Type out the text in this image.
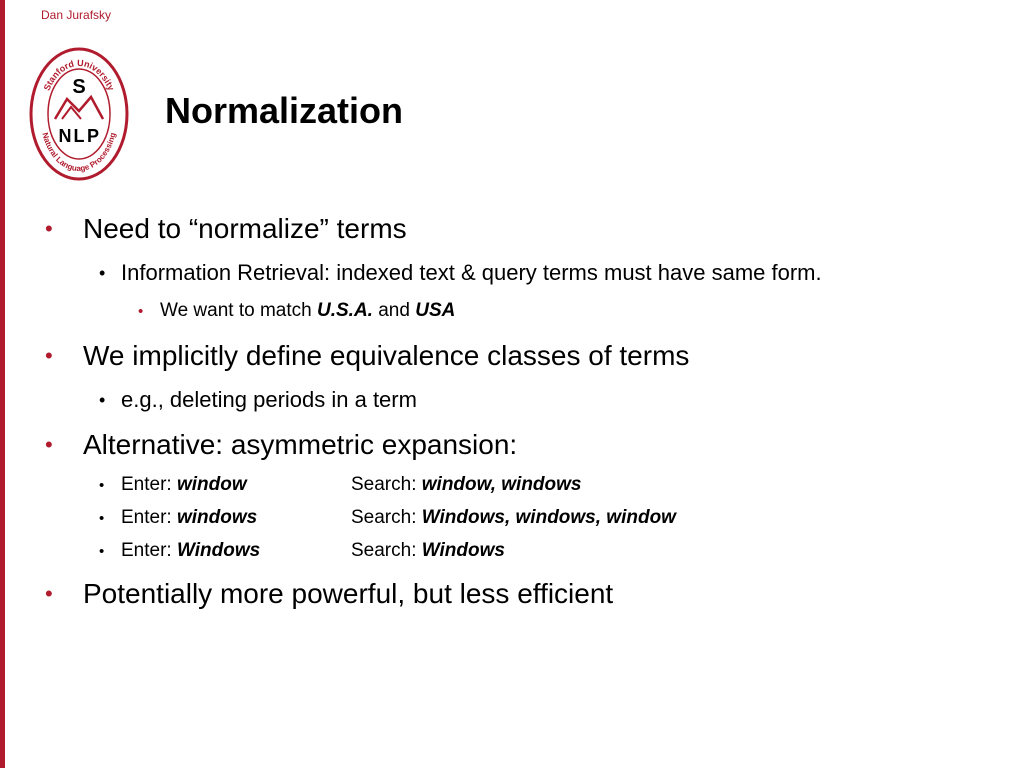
Dan Jurafsky
Stanford University
Natural Language Processing
S
N L P
Normalization
• Need to “normalize” terms
• Information Retrieval: indexed text & query terms must have same form.
• We want to match U.S.A. and USA
• We implicitly define equivalence classes of terms
• e.g., deleting periods in a term
• Alternative: asymmetric expansion:
• Enter: window	Search: window, windows
• Enter: windows	Search: Windows, windows, window
• Enter: Windows	Search: Windows
• Potentially more powerful, but less efficient
